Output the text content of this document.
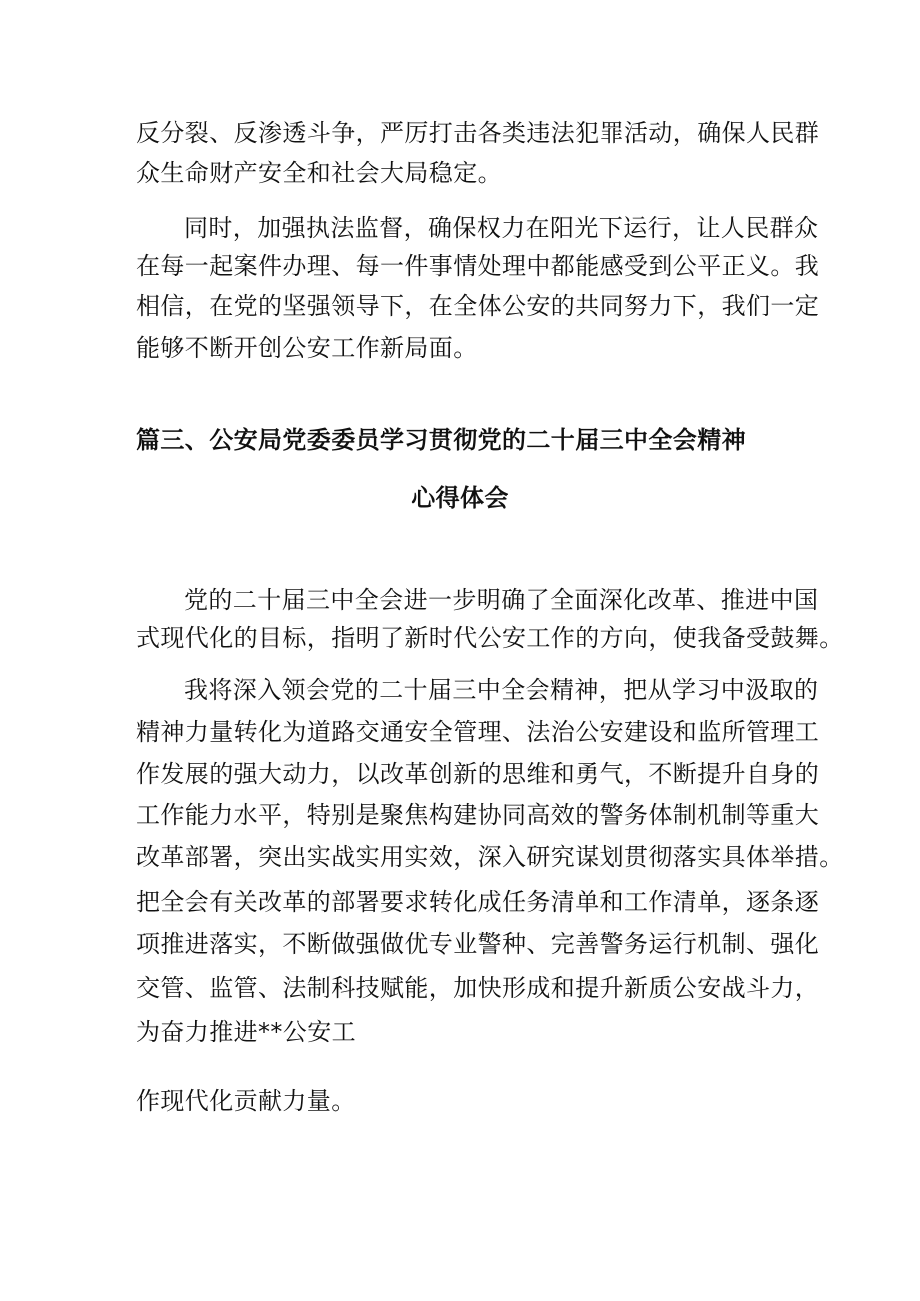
反分裂、反渗透斗争，严厉打击各类违法犯罪活动，确保人民群
众生命财产安全和社会大局稳定。
同时，加强执法监督，确保权力在阳光下运行，让人民群众
在每一起案件办理、每一件事情处理中都能感受到公平正义。我
相信，在党的坚强领导下，在全体公安的共同努力下，我们一定
能够不断开创公安工作新局面。
篇三、公安局党委委员学习贯彻党的二十届三中全会精神
心得体会
党的二十届三中全会进一步明确了全面深化改革、推进中国
式现代化的目标，指明了新时代公安工作的方向，使我备受鼓舞。
我将深入领会党的二十届三中全会精神，把从学习中汲取的
精神力量转化为道路交通安全管理、法治公安建设和监所管理工
作发展的强大动力，以改革创新的思维和勇气，不断提升自身的
工作能力水平，特别是聚焦构建协同高效的警务体制机制等重大
改革部署，突出实战实用实效，深入研究谋划贯彻落实具体举措。
把全会有关改革的部署要求转化成任务清单和工作清单，逐条逐
项推进落实，不断做强做优专业警种、完善警务运行机制、强化
交管、监管、法制科技赋能，加快形成和提升新质公安战斗力，
为奋力推进**公安工
作现代化贡献力量。
